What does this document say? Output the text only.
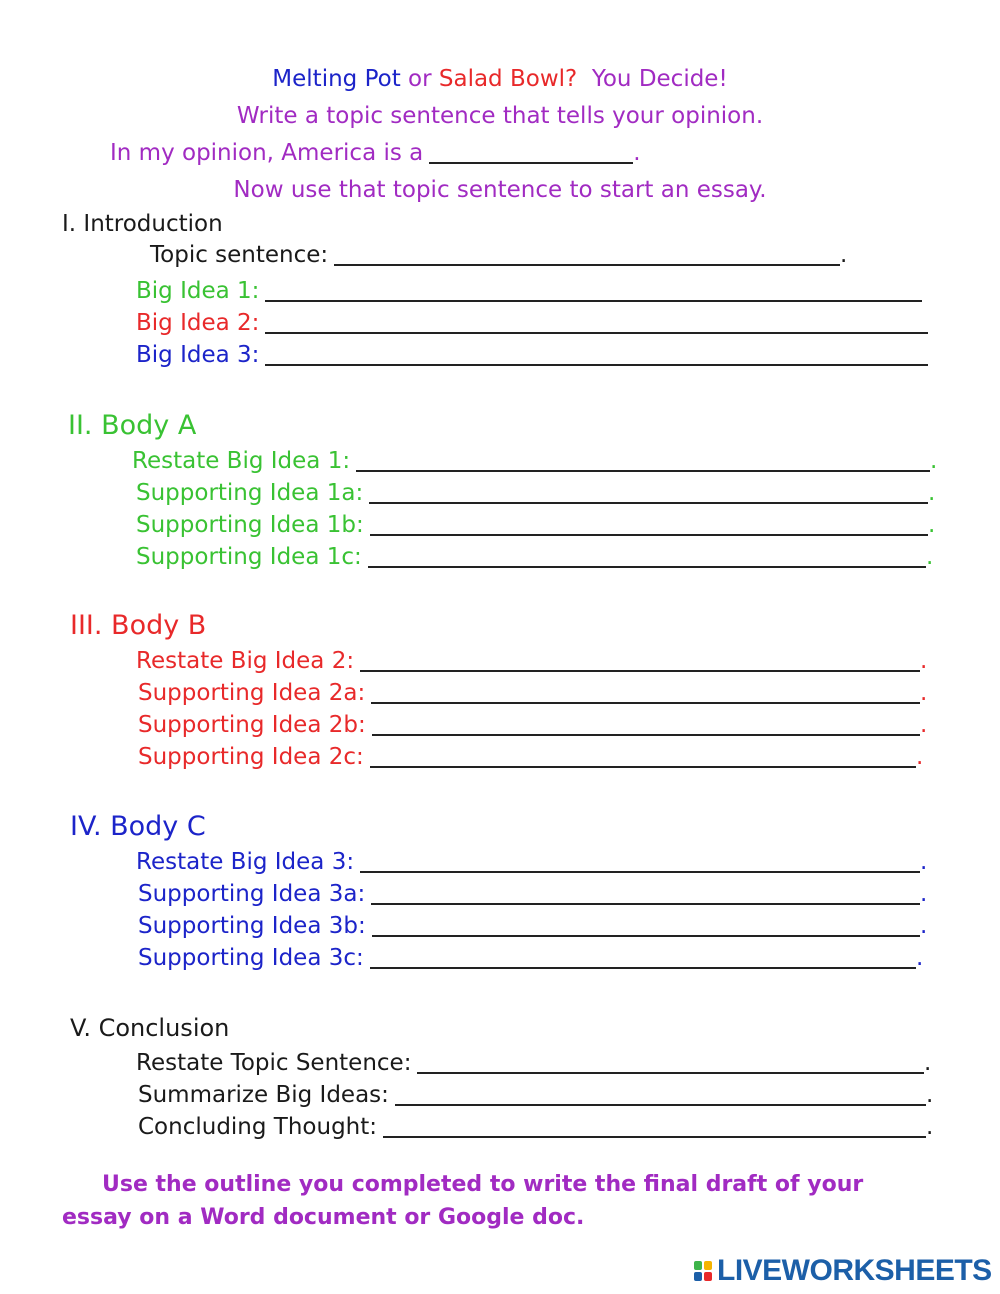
Melting Pot or Salad Bowl? You Decide!
Write a topic sentence that tells your opinion.
In my opinion, America is a	.
Now use that topic sentence to start an essay.
I. Introduction
Topic sentence:	.
Big Idea 1:
Big Idea 2:
Big Idea 3:
II. Body A
Restate Big Idea 1:	.
Supporting Idea 1a:	.
Supporting Idea 1b:	.
Supporting Idea 1c:	.
III. Body B
Restate Big Idea 2:	.
Supporting Idea 2a:	.
Supporting Idea 2b:	.
Supporting Idea 2c:	.
IV. Body C
Restate Big Idea 3:	.
Supporting Idea 3a:	.
Supporting Idea 3b:	.
Supporting Idea 3c:	.
V. Conclusion
Restate Topic Sentence:	.
Summarize Big Ideas:	.
Concluding Thought:	.
Use the outline you completed to write the final draft of your essay on a Word document or Google doc.
LIVEWORKSHEETS
